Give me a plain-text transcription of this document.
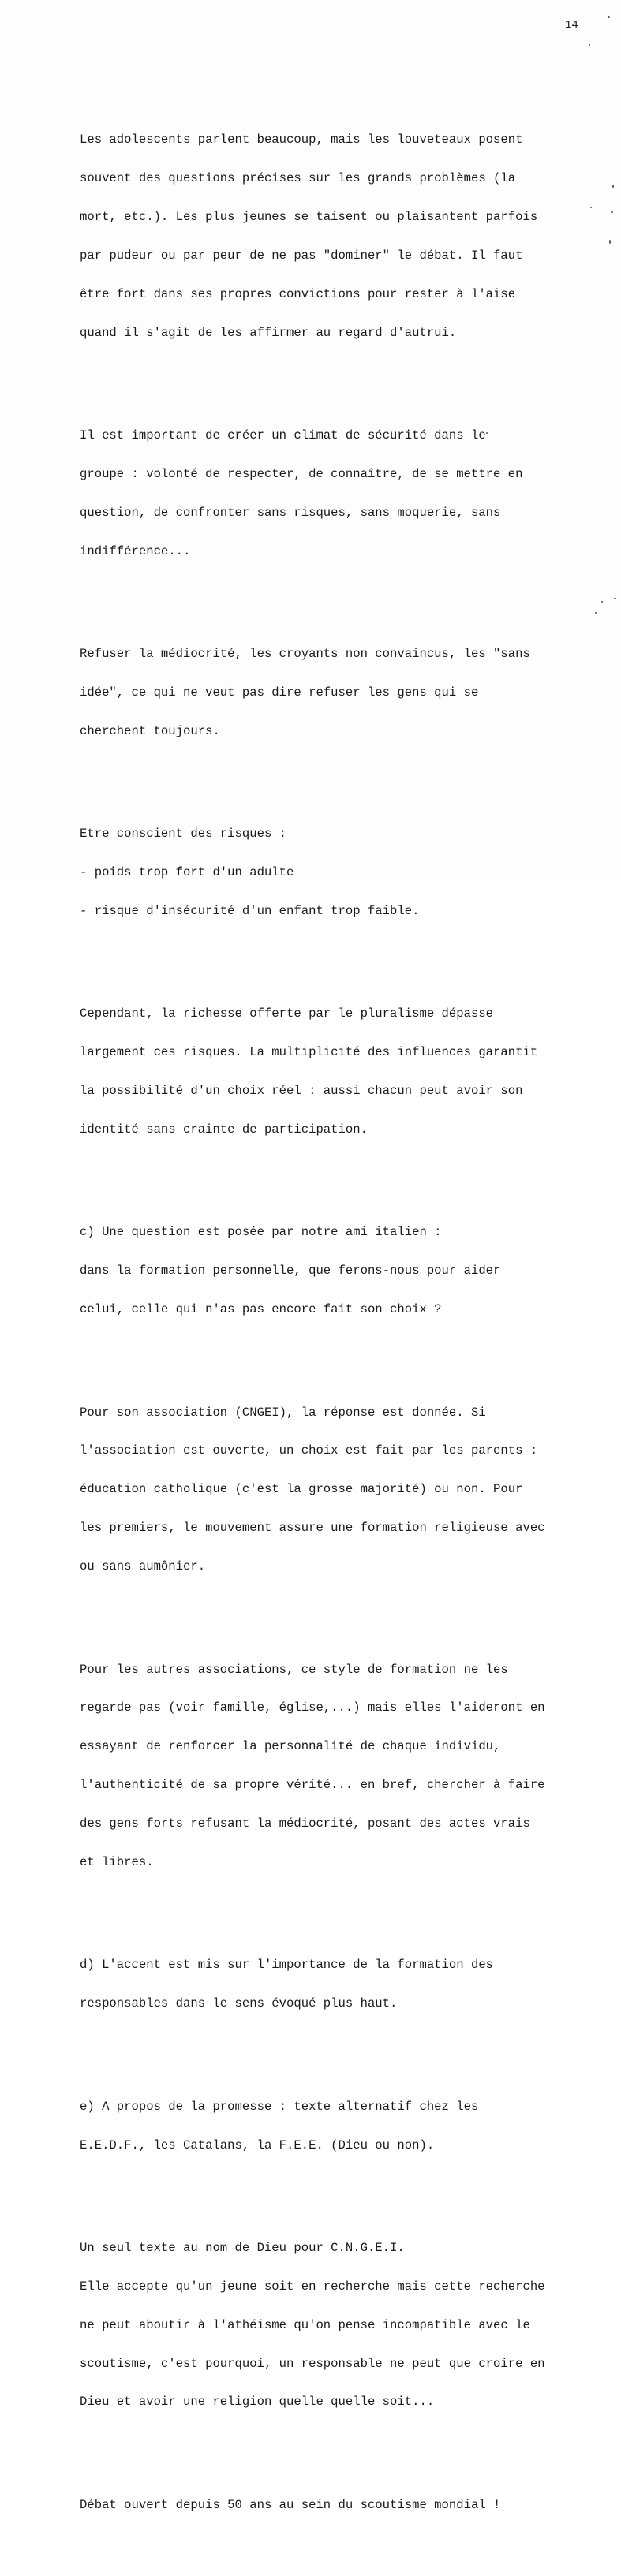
14

Les adolescents parlent beaucoup, mais les louveteaux posent

souvent des questions précises sur les grands problèmes (la

mort, etc.). Les plus jeunes se taisent ou plaisantent parfois

par pudeur ou par peur de ne pas "dominer" le débat. Il faut

être fort dans ses propres convictions pour rester à l'aise

quand il s'agit de les affirmer au regard d'autrui.

Il est important de créer un climat de sécurité dans le

groupe : volonté de respecter, de connaître, de se mettre en

question, de confronter sans risques, sans moquerie, sans

indifférence...

Refuser la médiocrité, les croyants non convaincus, les "sans

idée", ce qui ne veut pas dire refuser les gens qui se

cherchent toujours.

Etre conscient des risques :

- poids trop fort d'un adulte

- risque d'insécurité d'un enfant trop faible.

Cependant, la richesse offerte par le pluralisme dépasse

largement ces risques. La multiplicité des influences garantit

la possibilité d'un choix réel : aussi chacun peut avoir son

identité sans crainte de participation.

c) Une question est posée par notre ami italien :

dans la formation personnelle, que ferons-nous pour aider

celui, celle qui n'as pas encore fait son choix ?

Pour son association (CNGEI), la réponse est donnée. Si

l'association est ouverte, un choix est fait par les parents :

éducation catholique (c'est la grosse majorité) ou non. Pour

les premiers, le mouvement assure une formation religieuse avec

ou sans aumônier.

Pour les autres associations, ce style de formation ne les

regarde pas (voir famille, église,...) mais elles l'aideront en

essayant de renforcer la personnalité de chaque individu,

l'authenticité de sa propre vérité... en bref, chercher à faire

des gens forts refusant la médiocrité, posant des actes vrais

et libres.

d) L'accent est mis sur l'importance de la formation des

responsables dans le sens évoqué plus haut.

e) A propos de la promesse : texte alternatif chez les

E.E.D.F., les Catalans, la F.E.E. (Dieu ou non).

Un seul texte au nom de Dieu pour C.N.G.E.I.

Elle accepte qu'un jeune soit en recherche mais cette recherche

ne peut aboutir à l'athéisme qu'on pense incompatible avec le

scoutisme, c'est pourquoi, un responsable ne peut que croire en

Dieu et avoir une religion quelle quelle soit...

Débat ouvert depuis 50 ans au sein du scoutisme mondial !
